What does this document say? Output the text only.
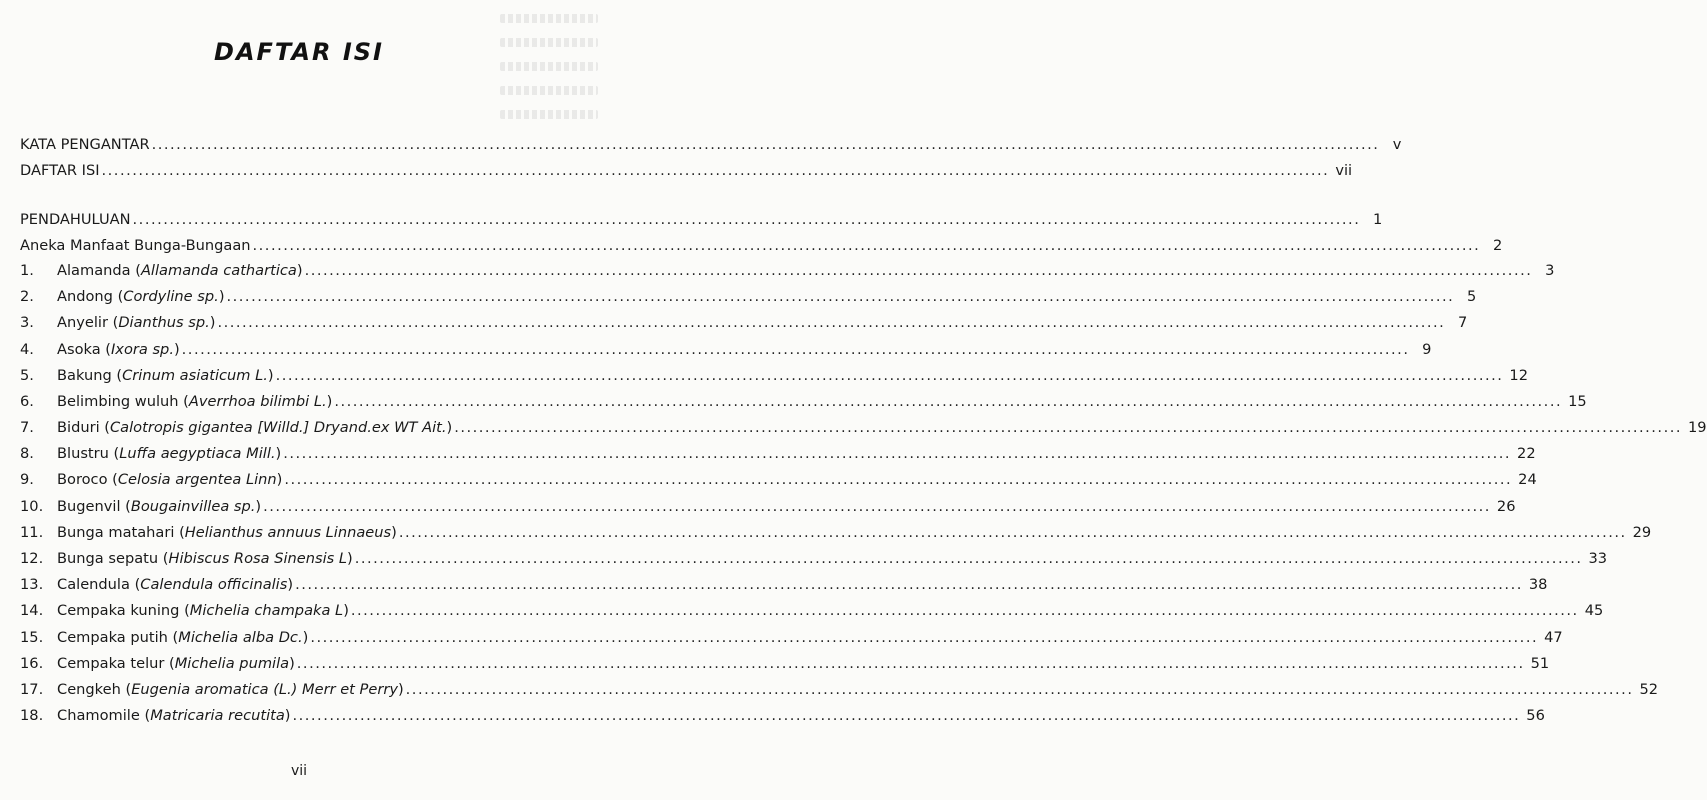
DAFTAR ISI
KATA PENGANTAR ........................................................................................................................................................................................................ v
DAFTAR ISI ........................................................................................................................................................................................................ vii
PENDAHULUAN ........................................................................................................................................................................................................ 1
Aneka Manfaat Bunga-Bungaan ........................................................................................................................................................................................................ 2
1.	Alamanda (Allamanda cathartica) ........................................................................................................................................................................................................ 3
2.	Andong (Cordyline sp.) ........................................................................................................................................................................................................ 5
3.	Anyelir (Dianthus sp.) ........................................................................................................................................................................................................ 7
4.	Asoka (Ixora sp.) ........................................................................................................................................................................................................ 9
5.	Bakung (Crinum asiaticum L.) ........................................................................................................................................................................................................ 12
6.	Belimbing wuluh (Averrhoa bilimbi L.) ........................................................................................................................................................................................................ 15
7.	Biduri (Calotropis gigantea [Willd.] Dryand.ex WT Ait.) ........................................................................................................................................................................................................ 19
8.	Blustru (Luffa aegyptiaca Mill.) ........................................................................................................................................................................................................ 22
9.	Boroco (Celosia argentea Linn) ........................................................................................................................................................................................................ 24
10. Bugenvil (Bougainvillea sp.) ........................................................................................................................................................................................................ 26
11. Bunga matahari (Helianthus annuus Linnaeus) ........................................................................................................................................................................................................ 29
12. Bunga sepatu (Hibiscus Rosa Sinensis L) ........................................................................................................................................................................................................ 33
13. Calendula (Calendula officinalis) ........................................................................................................................................................................................................ 38
14. Cempaka kuning (Michelia champaka L) ........................................................................................................................................................................................................ 45
15. Cempaka putih (Michelia alba Dc.) ........................................................................................................................................................................................................ 47
16. Cempaka telur (Michelia pumila) ........................................................................................................................................................................................................ 51
17. Cengkeh (Eugenia aromatica (L.) Merr et Perry) ........................................................................................................................................................................................................ 52
18. Chamomile (Matricaria recutita) ........................................................................................................................................................................................................ 56
vii
